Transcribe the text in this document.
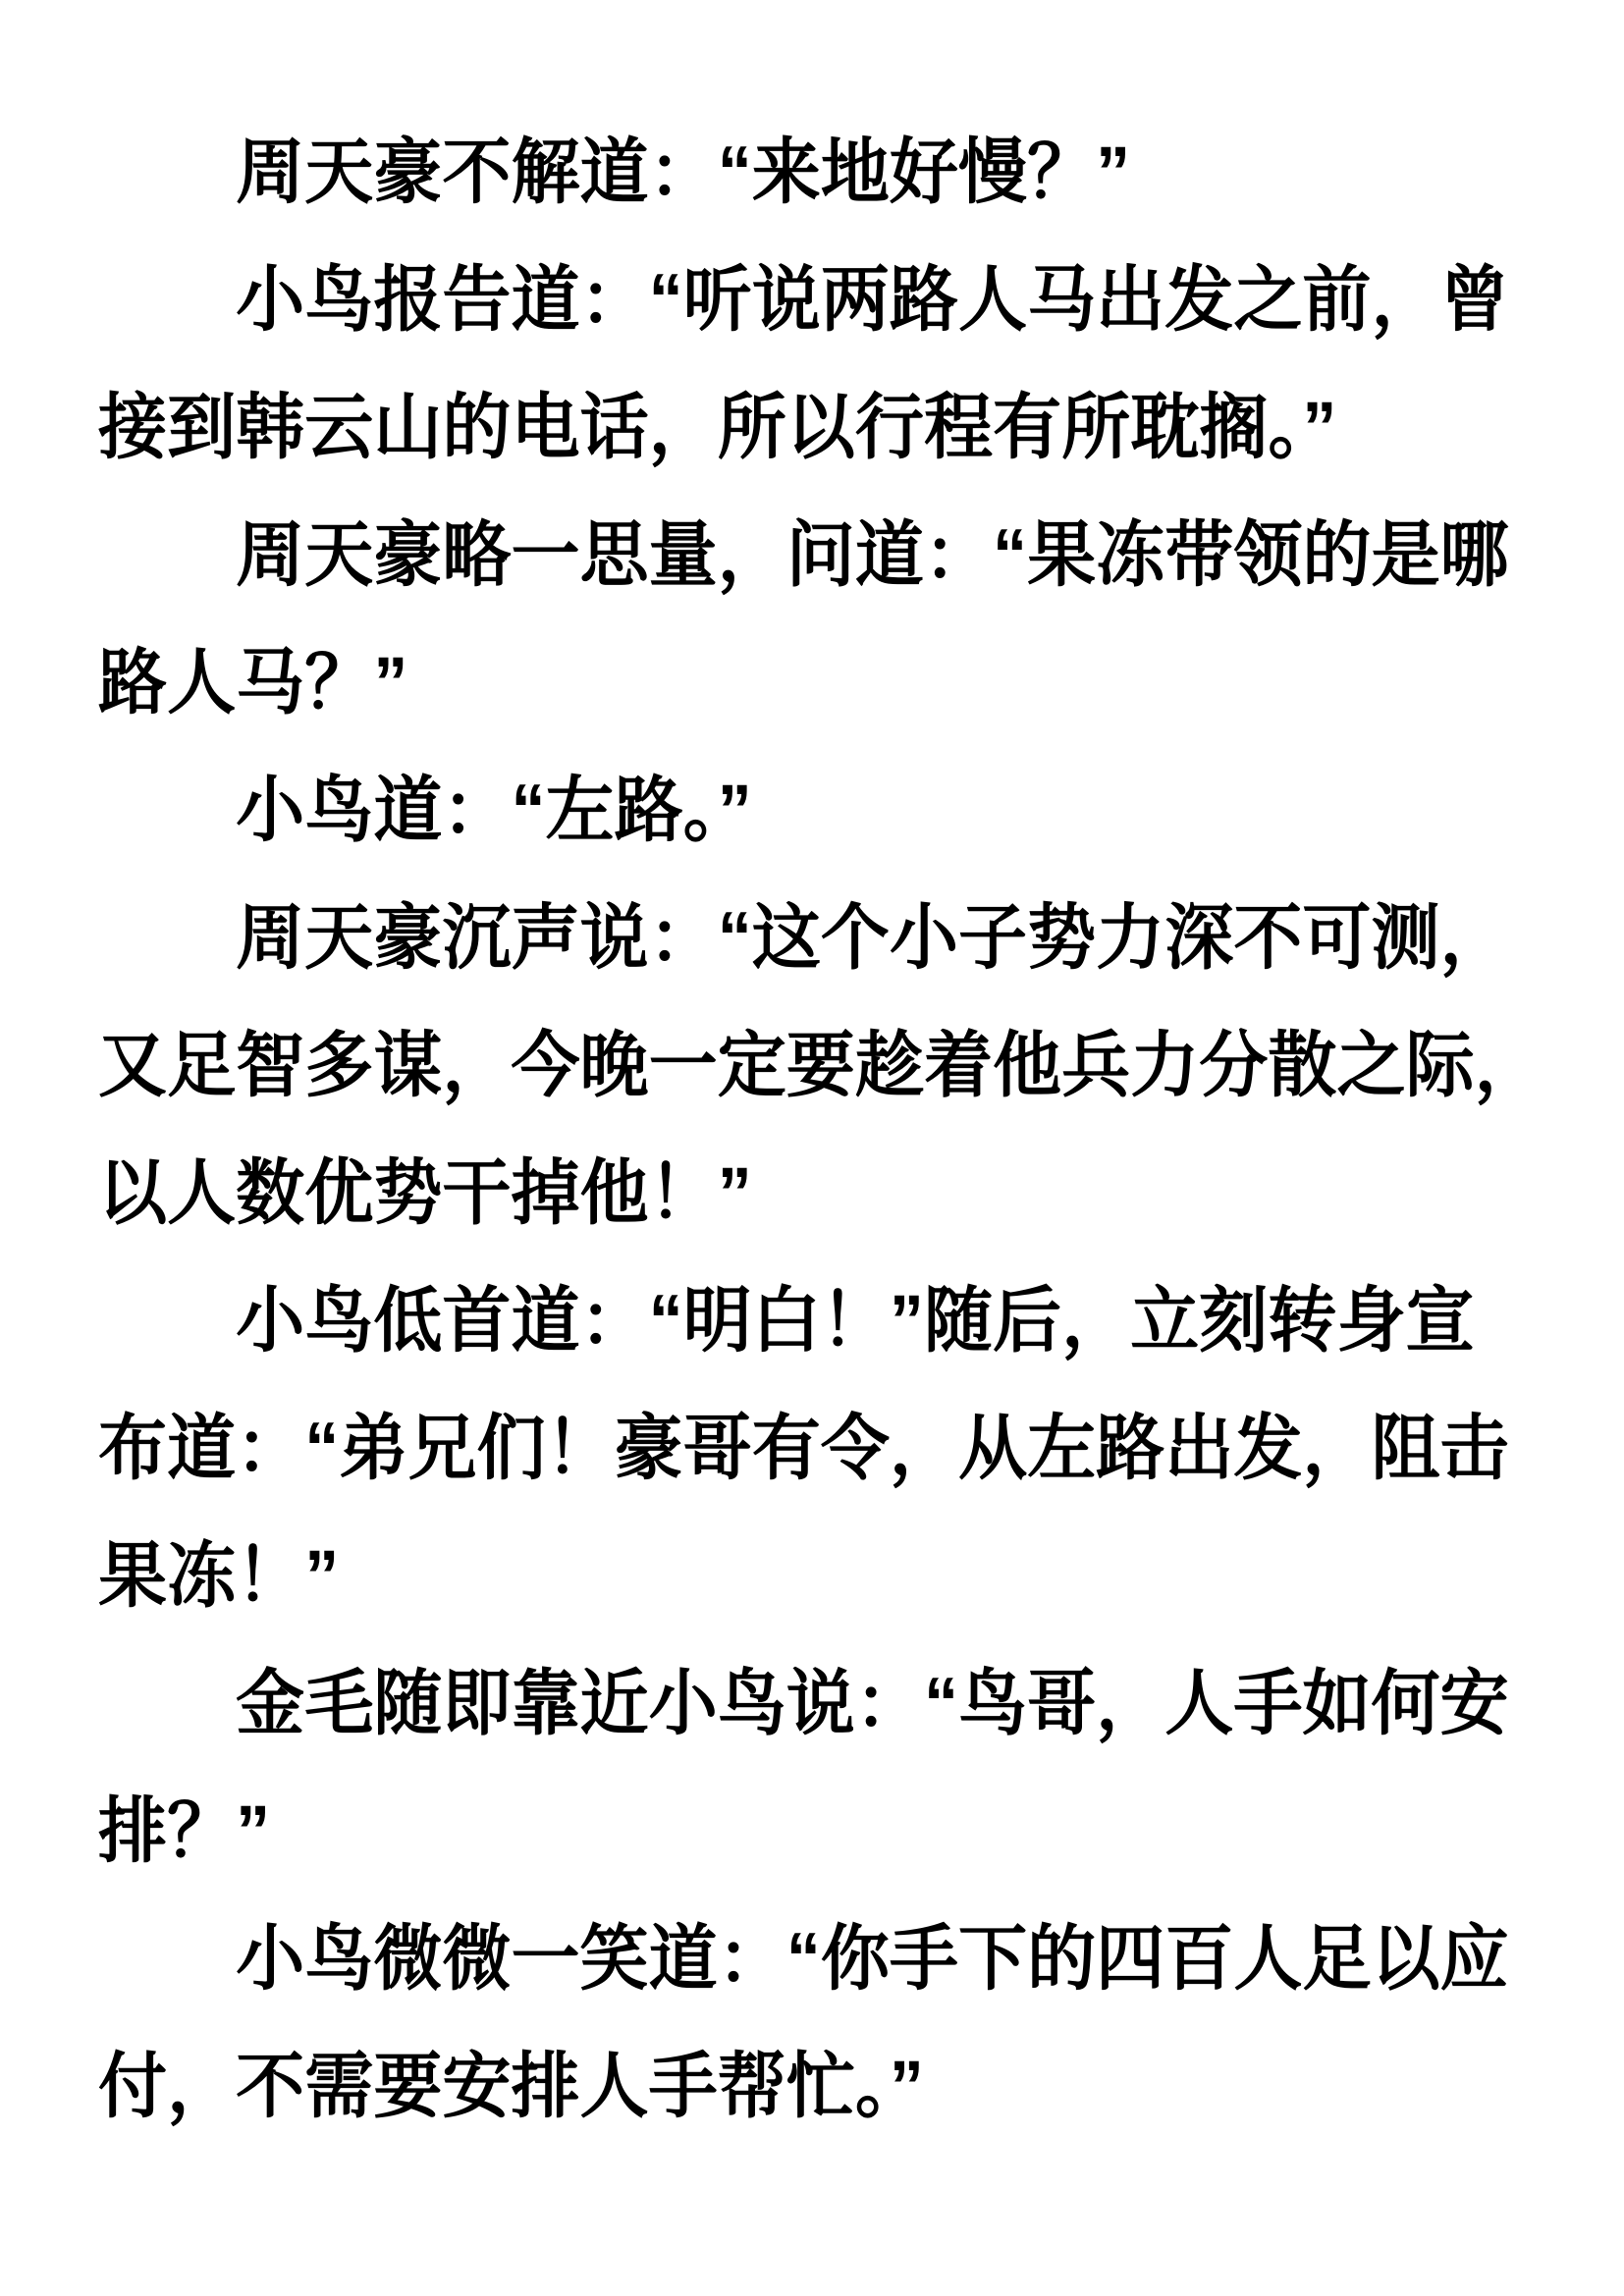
周天豪不解道：“来地好慢？”

小鸟报告道：“听说两路人马出发之前，曾
接到韩云山的电话，所以行程有所耽搁。”

周天豪略一思量，问道：“果冻带领的是哪
路人马？”

小鸟道：“左路。”

周天豪沉声说：“这个小子势力深不可测，
又足智多谋，今晚一定要趁着他兵力分散之际，
以人数优势干掉他！”

小鸟低首道：“明白！”随后，立刻转身宣
布道：“弟兄们！豪哥有令，从左路出发，阻击
果冻！”

金毛随即靠近小鸟说：“鸟哥，人手如何安
排？”

小鸟微微一笑道：“你手下的四百人足以应
付，不需要安排人手帮忙。”
